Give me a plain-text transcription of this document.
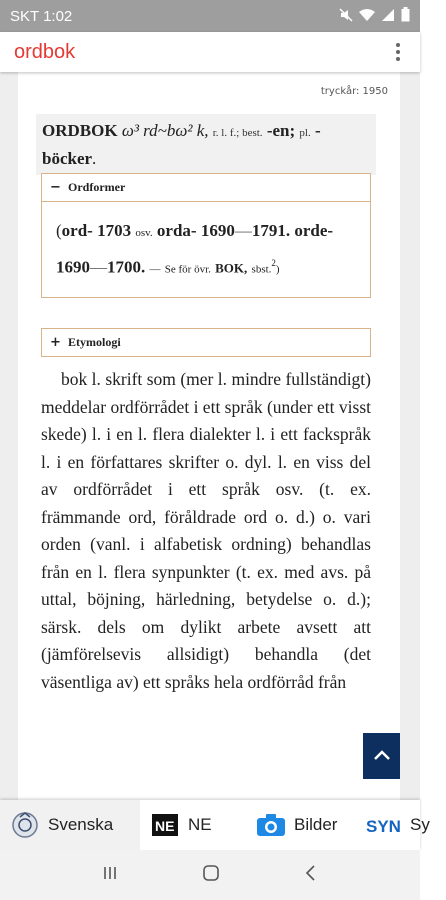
SKT 1:02
ordbok
tryckår: 1950
ORDBOK ω³ rd~bω² k, r. l. f.; best. -en; pl. -böcker.
− Ordformer
(ord- 1703 osv. orda- 1690—1791. orde- 1690—1700. — Se för övr. BOK, sbst.$^2$)
+ Etymologi
bok l. skrift som (mer l. mindre fullständigt) meddelar ordförrådet i ett språk (under ett visst skede) l. i en l. flera dialekter l. i ett fackspråk l. i en författares skrifter o. dyl. l. en viss del av ordförrådet i ett språk osv. (t. ex. främmande ord, föråldrade ord o. d.) o. vari orden (vanl. i alfabetisk ordning) behandlas från en l. flera synpunkter (t. ex. med avs. på uttal, böjning, härledning, betydelse o. d.); särsk. dels om dylikt arbete avsett att (jämförelsevis allsidigt) behandla (det väsentliga av) ett språks hela ordförråd från
Svenska	NE NE	Bilder SYN Sy
